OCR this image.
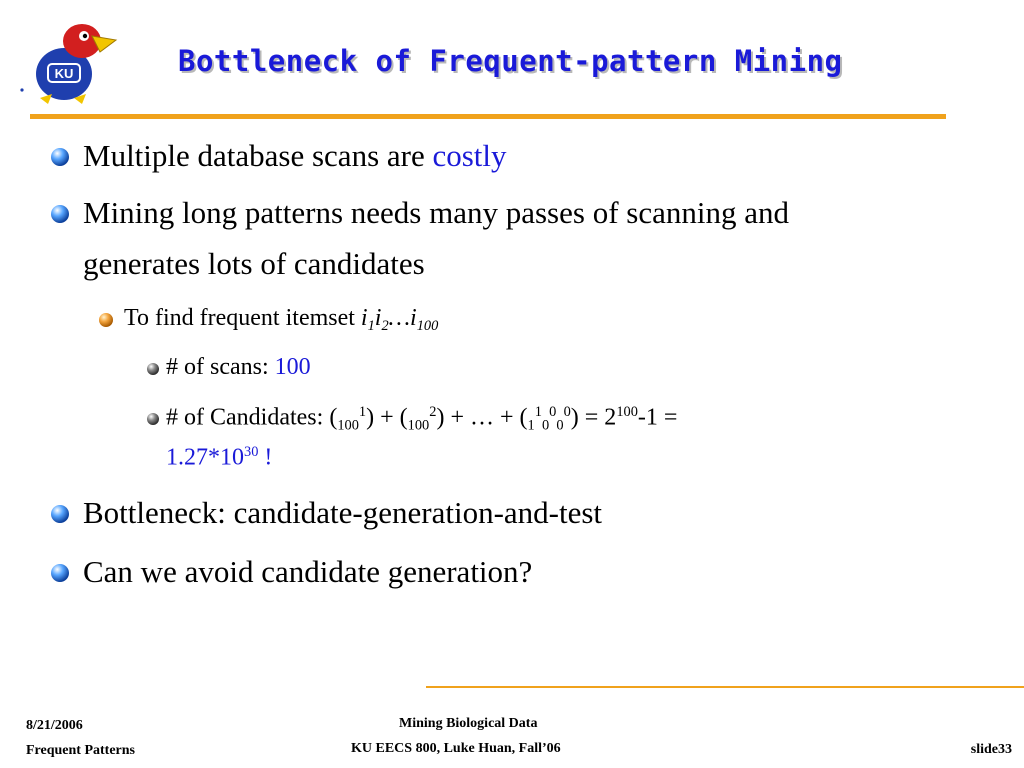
KU	Bottleneck of Frequent-pattern Mining
Multiple database scans are costly
Mining long patterns needs many passes of scanning and
generates lots of candidates
To find frequent itemset $i_1i_2\dots i_{100}$
# of scans: 100
# of Candidates: $(_{100}^1) + (_{100}^2)$ + … + $(_1^1_0^0_0^0) = 2^{100}-1$ =
$1.27*10^{30}$ !
Bottleneck: candidate-generation-and-test
Can we avoid candidate generation?
8/21/2006
Frequent Patterns
Mining Biological Data
KU EECS 800, Luke Huan, Fall’06	slide33
